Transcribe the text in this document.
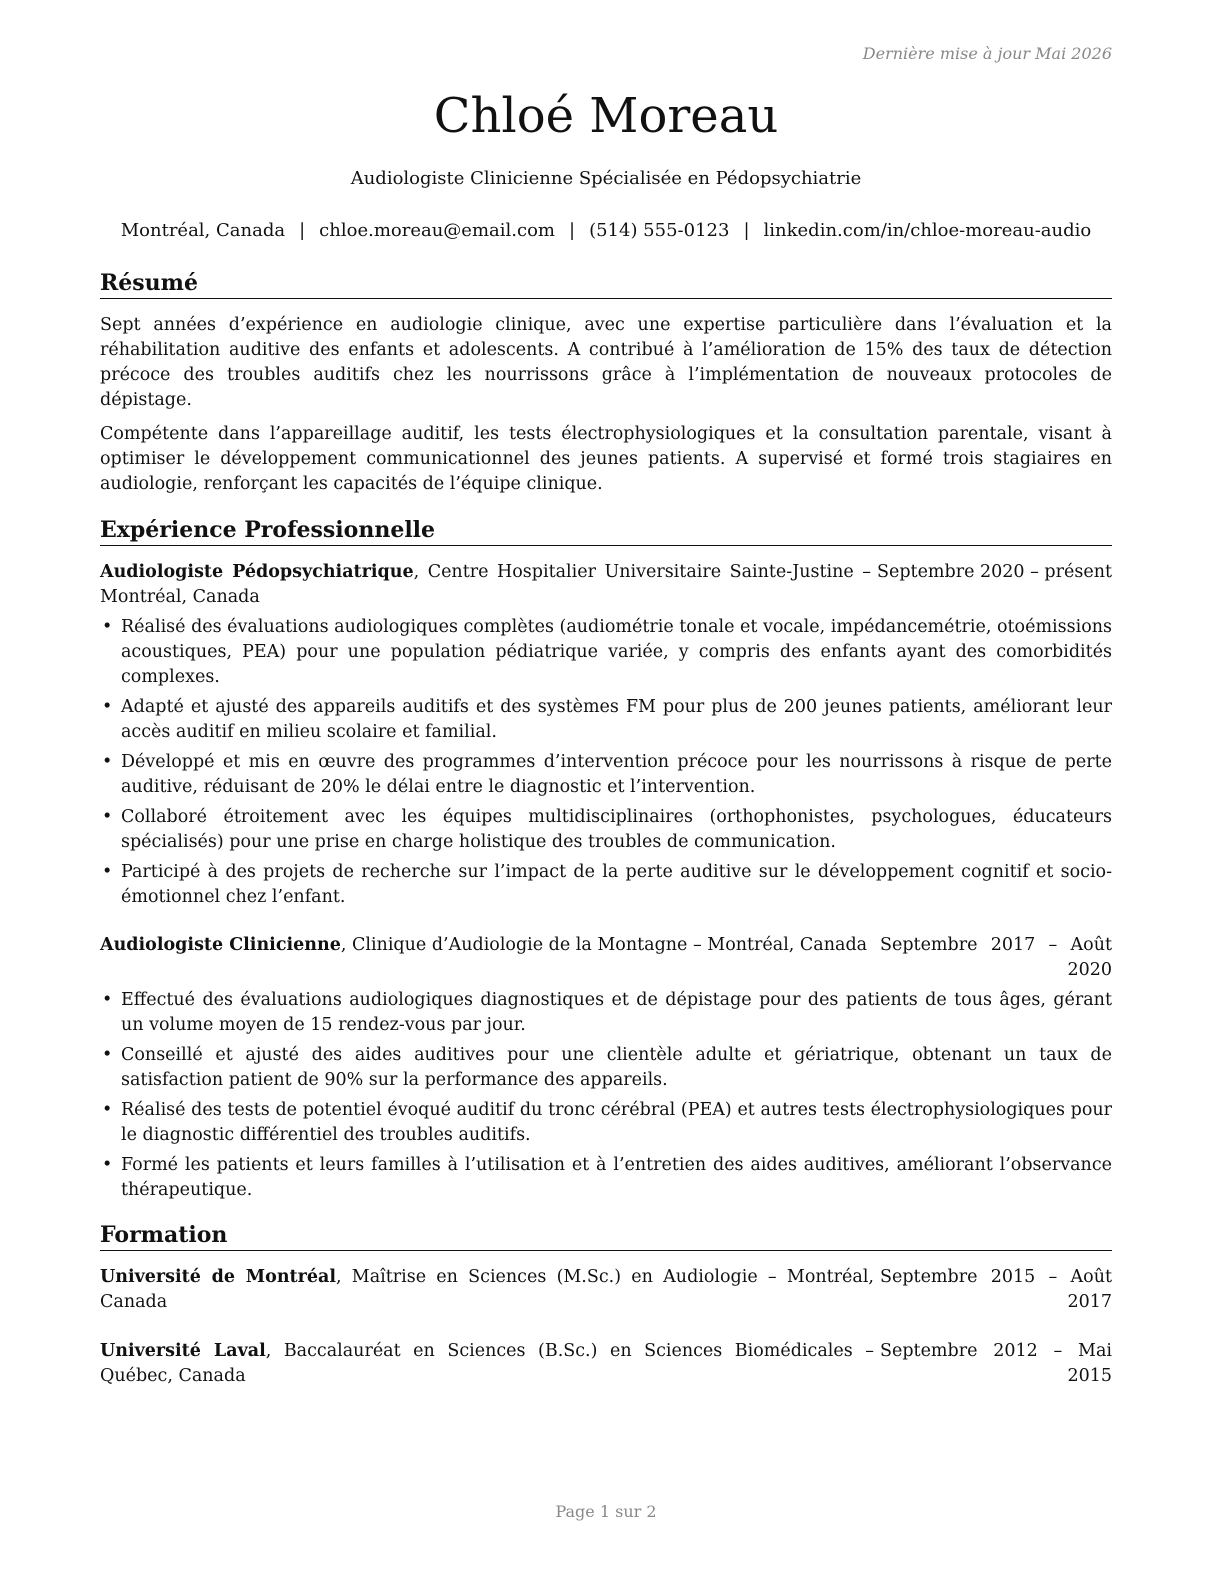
Dernière mise à jour Mai 2026
Chloé Moreau
Audiologiste Clinicienne Spécialisée en Pédopsychiatrie
Montréal, Canada | chloe.moreau@email.com | (514) 555-0123 | linkedin.com/in/chloe-moreau-audio
Résumé

Sept années d’expérience en audiologie clinique, avec une expertise particulière dans l’évaluation et la réhabilitation auditive des enfants et adolescents. A contribué à l’amélioration de 15% des taux de détection précoce des troubles auditifs chez les nourrissons grâce à l’implémentation de nouveaux protocoles de dépistage.

Compétente dans l’appareillage auditif, les tests électrophysiologiques et la consultation parentale, visant à optimiser le développement communicationnel des jeunes patients. A supervisé et formé trois stagiaires en audiologie, renforçant les capacités de l’équipe clinique.

Expérience Professionnelle
Audiologiste Pédopsychiatrique, Centre Hospitalier Universitaire Sainte-Justine – Montréal, Canada
Septembre 2020 – présent
• Réalisé des évaluations audiologiques complètes (audiométrie tonale et vocale, impédancemétrie, otoémissions acoustiques, PEA) pour une population pédiatrique variée, y compris des enfants ayant des comorbidités complexes.
• Adapté et ajusté des appareils auditifs et des systèmes FM pour plus de 200 jeunes patients, améliorant leur accès auditif en milieu scolaire et familial.
• Développé et mis en œuvre des programmes d’intervention précoce pour les nourrissons à risque de perte auditive, réduisant de 20% le délai entre le diagnostic et l’intervention.
• Collaboré étroitement avec les équipes multidisciplinaires (orthophonistes, psychologues, éducateurs spécialisés) pour une prise en charge holistique des troubles de communication.
• Participé à des projets de recherche sur l’impact de la perte auditive sur le développement cognitif et socio-émotionnel chez l’enfant.
Audiologiste Clinicienne, Clinique d’Audiologie de la Montagne – Montréal, Canada Septembre 2017 – Août 2020
• Effectué des évaluations audiologiques diagnostiques et de dépistage pour des patients de tous âges, gérant un volume moyen de 15 rendez-vous par jour.
• Conseillé et ajusté des aides auditives pour une clientèle adulte et gériatrique, obtenant un taux de satisfaction patient de 90% sur la performance des appareils.
• Réalisé des tests de potentiel évoqué auditif du tronc cérébral (PEA) et autres tests électrophysiologiques pour le diagnostic différentiel des troubles auditifs.
• Formé les patients et leurs familles à l’utilisation et à l’entretien des aides auditives, améliorant l’observance thérapeutique.
Formation
Université de Montréal, Maîtrise en Sciences (M.Sc.) en Audiologie – Montréal, Canada
Septembre 2015 – Août 2017
Université Laval, Baccalauréat en Sciences (B.Sc.) en Sciences Biomédicales – Québec, Canada
Septembre 2012 – Mai 2015
Page 1 sur 2
